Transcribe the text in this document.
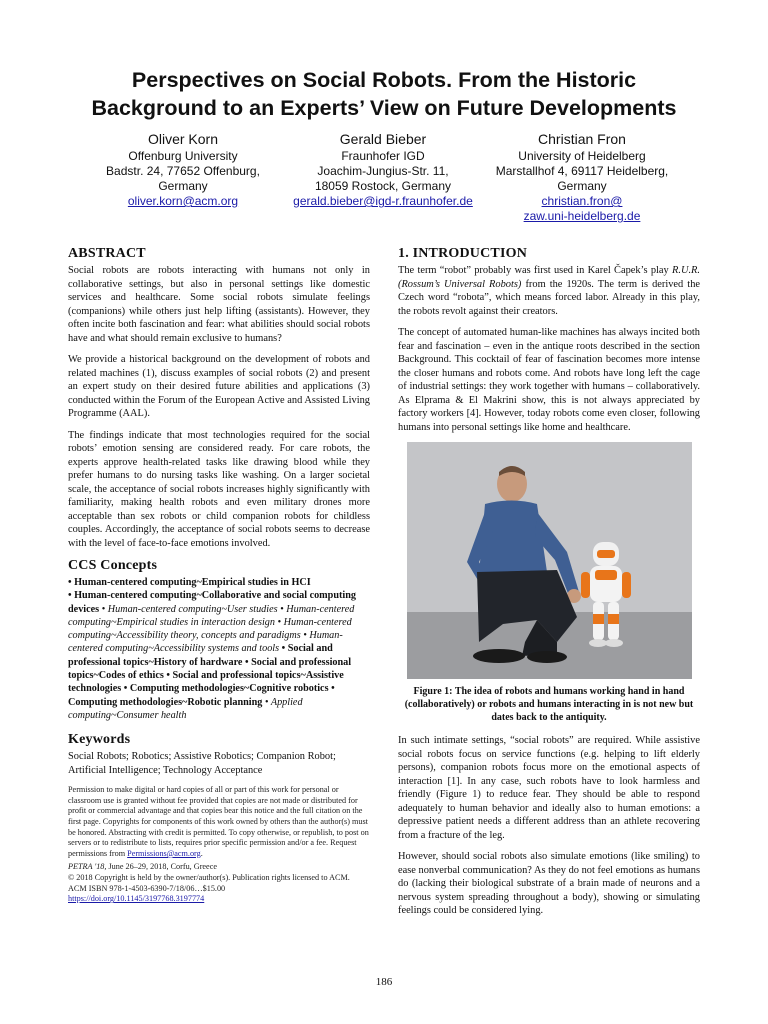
Perspectives on Social Robots. From the Historic
Background to an Experts’ View on Future Developments
Oliver Korn
Offenburg University
Badstr. 24, 77652 Offenburg,
Germany
oliver.korn@acm.org
Gerald Bieber
Fraunhofer IGD
Joachim-Jungius-Str. 11,
18059 Rostock, Germany
gerald.bieber@igd-r.fraunhofer.de
Christian Fron
University of Heidelberg
Marstallhof 4, 69117 Heidelberg,
Germany
christian.fron@
zaw.uni-heidelberg.de
ABSTRACT

Social robots are robots interacting with humans not only in collaborative settings, but also in personal settings like domestic services and healthcare. Some social robots simulate feelings (companions) while others just help lifting (assistants). However, they often incite both fascination and fear: what abilities should social robots have and what should remain exclusive to humans?

We provide a historical background on the development of robots and related machines (1), discuss examples of social robots (2) and present an expert study on their desired future abilities and applications (3) conducted within the Forum of the European Active and Assisted Living Programme (AAL).

The findings indicate that most technologies required for the social robots’ emotion sensing are considered ready. For care robots, the experts approve health-related tasks like drawing blood while they prefer humans to do nursing tasks like washing. On a larger societal scale, the acceptance of social robots increases highly significantly with familiarity, making health robots and even military drones more acceptable than sex robots or child companion robots for childless couples. Accordingly, the acceptance of social robots seems to decrease with the level of face-to-face emotions involved.

CCS Concepts
• Human-centered computing~Empirical studies in HCI
• Human-centered computing~Collaborative and social computing devices • Human-centered computing~User studies • Human-centered computing~Empirical studies in interaction design • Human-centered computing~Accessibility theory, concepts and paradigms • Human-centered computing~Accessibility systems and tools • Social and professional topics~History of hardware • Social and professional topics~Codes of ethics • Social and professional topics~Assistive technologies • Computing methodologies~Cognitive robotics • Computing methodologies~Robotic planning • Applied computing~Consumer health
Keywords

Social Robots; Robotics; Assistive Robotics; Companion Robot; Artificial Intelligence; Technology Acceptance

Permission to make digital or hard copies of all or part of this work for personal or classroom use is granted without fee provided that copies are not made or distributed for profit or commercial advantage and that copies bear this notice and the full citation on the first page. Copyrights for components of this work owned by others than the author(s) must be honored. Abstracting with credit is permitted. To copy otherwise, or republish, to post on servers or to redistribute to lists, requires prior specific permission and/or a fee. Request permissions from Permissions@acm.org.

PETRA '18, June 26–29, 2018, Corfu, Greece
© 2018 Copyright is held by the owner/author(s). Publication rights licensed to ACM.
ACM ISBN 978-1-4503-6390-7/18/06…$15.00
https://doi.org/10.1145/3197768.3197774

1. INTRODUCTION

The term “robot” probably was first used in Karel Čapek’s play R.U.R. (Rossum’s Universal Robots) from the 1920s. The term is derived the Czech word “robota”, which means forced labor. Already in this play, the robots revolt against their creators.

The concept of automated human-like machines has always incited both fear and fascination – even in the antique roots described in the section Background. This cocktail of fear of fascination becomes more intense the closer humans and robots come. And robots have long left the cage of industrial settings: they work together with humans – collaboratively. As Elprama & El Makrini show, this is not always appreciated by factory workers [4]. However, today robots come even closer, following humans into personal settings like home and healthcare.

Figure 1: The idea of robots and humans working hand in hand (collaboratively) or robots and humans interacting in is not new but dates back to the antiquity.

In such intimate settings, “social robots” are required. While assistive social robots focus on service functions (e.g. helping to lift elderly persons), companion robots focus more on the emotional aspects of interaction [1]. In any case, such robots have to look harmless and friendly (Figure 1) to reduce fear. They should be able to respond adequately to human behavior and ideally also to human emotions: a depressive patient needs a different address than an athlete recovering from a fracture of the leg.

However, should social robots also simulate emotions (like smiling) to ease nonverbal communication? As they do not feel emotions as humans do (lacking their biological substrate of a brain made of neurons and a nervous system spreading throughout a body), showing or simulating feelings could be considered lying.

186
